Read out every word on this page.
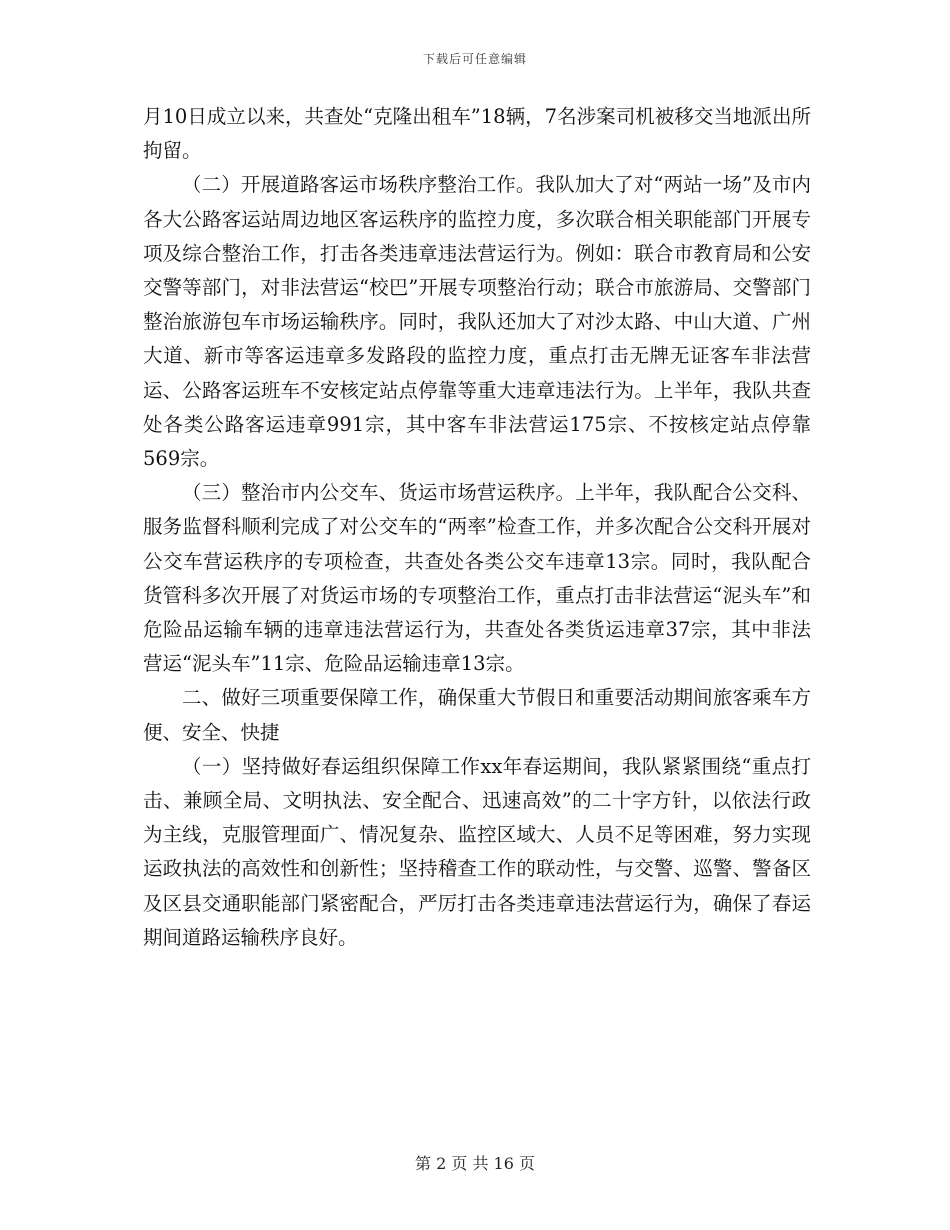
下载后可任意编辑

月10日成立以来，共查处“克隆出租车”18辆，7名涉案司机被移交当地派出所拘留。

（二）开展道路客运市场秩序整治工作。我队加大了对“两站一场”及市内各大公路客运站周边地区客运秩序的监控力度，多次联合相关职能部门开展专项及综合整治工作，打击各类违章违法营运行为。例如：联合市教育局和公安交警等部门，对非法营运“校巴”开展专项整治行动；联合市旅游局、交警部门整治旅游包车市场运输秩序。同时，我队还加大了对沙太路、中山大道、广州大道、新市等客运违章多发路段的监控力度，重点打击无牌无证客车非法营运、公路客运班车不安核定站点停靠等重大违章违法行为。上半年，我队共查处各类公路客运违章991宗，其中客车非法营运175宗、不按核定站点停靠569宗。

（三）整治市内公交车、货运市场营运秩序。上半年，我队配合公交科、服务监督科顺利完成了对公交车的“两率”检查工作，并多次配合公交科开展对公交车营运秩序的专项检查，共查处各类公交车违章13宗。同时，我队配合货管科多次开展了对货运市场的专项整治工作，重点打击非法营运“泥头车”和危险品运输车辆的违章违法营运行为，共查处各类货运违章37宗，其中非法营运“泥头车”11宗、危险品运输违章13宗。

二、做好三项重要保障工作，确保重大节假日和重要活动期间旅客乘车方便、安全、快捷

（一）坚持做好春运组织保障工作xx年春运期间，我队紧紧围绕“重点打击、兼顾全局、文明执法、安全配合、迅速高效”的二十字方针，以依法行政为主线，克服管理面广、情况复杂、监控区域大、人员不足等困难，努力实现运政执法的高效性和创新性；坚持稽查工作的联动性，与交警、巡警、警备区及区县交通职能部门紧密配合，严厉打击各类违章违法营运行为，确保了春运期间道路运输秩序良好。

第 2 页 共 16 页
